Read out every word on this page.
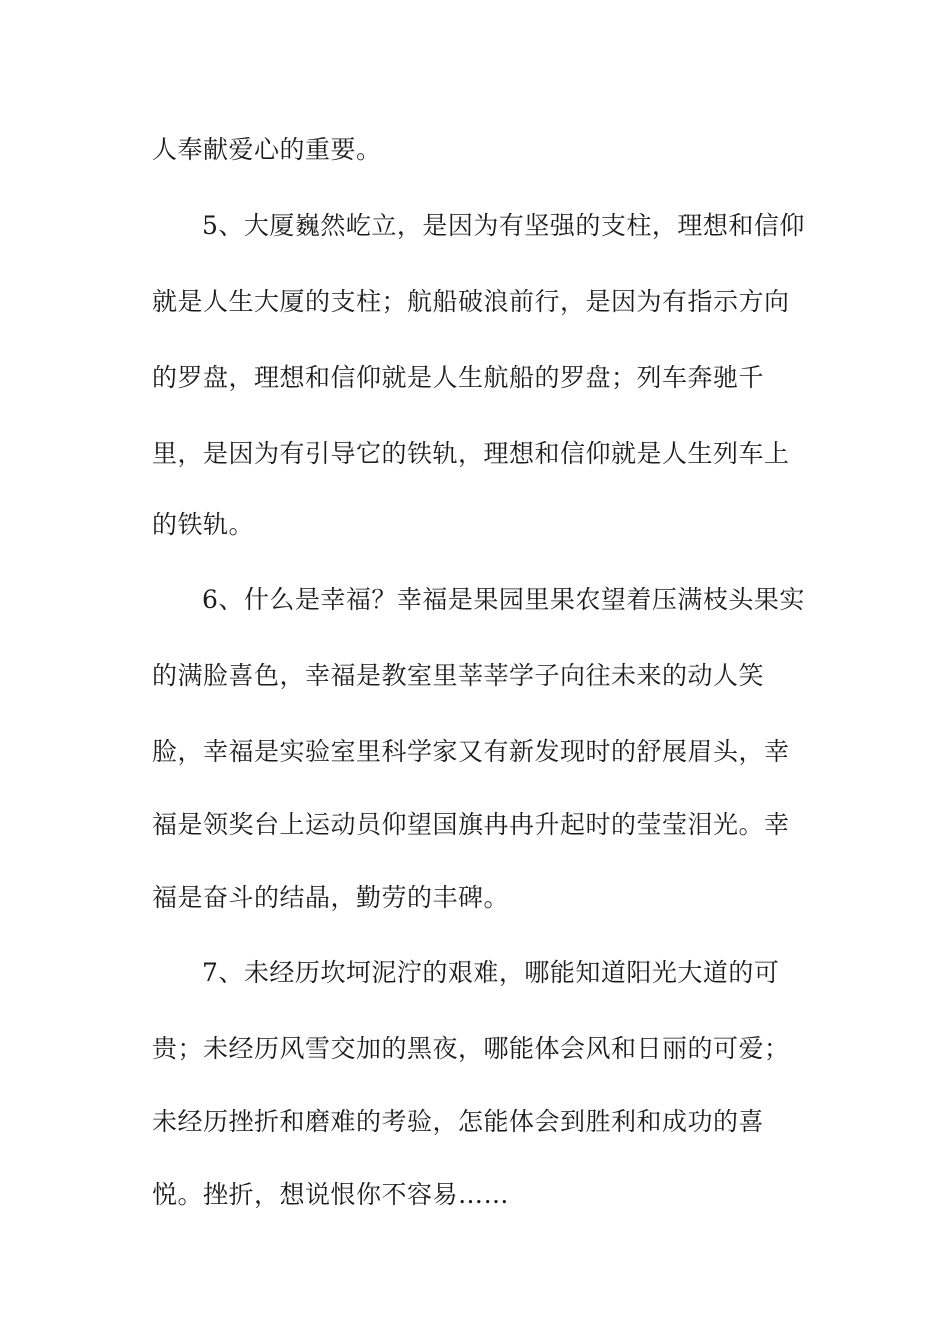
人奉献爱心的重要。
5、大厦巍然屹立，是因为有坚强的支柱，理想和信仰
就是人生大厦的支柱；航船破浪前行，是因为有指示方向
的罗盘，理想和信仰就是人生航船的罗盘；列车奔驰千
里，是因为有引导它的铁轨，理想和信仰就是人生列车上
的铁轨。
6、什么是幸福？幸福是果园里果农望着压满枝头果实
的满脸喜色，幸福是教室里莘莘学子向往未来的动人笑
脸，幸福是实验室里科学家又有新发现时的舒展眉头，幸
福是领奖台上运动员仰望国旗冉冉升起时的莹莹泪光。幸
福是奋斗的结晶，勤劳的丰碑。
7、未经历坎坷泥泞的艰难，哪能知道阳光大道的可
贵；未经历风雪交加的黑夜，哪能体会风和日丽的可爱；
未经历挫折和磨难的考验，怎能体会到胜利和成功的喜
悦。挫折，想说恨你不容易……
